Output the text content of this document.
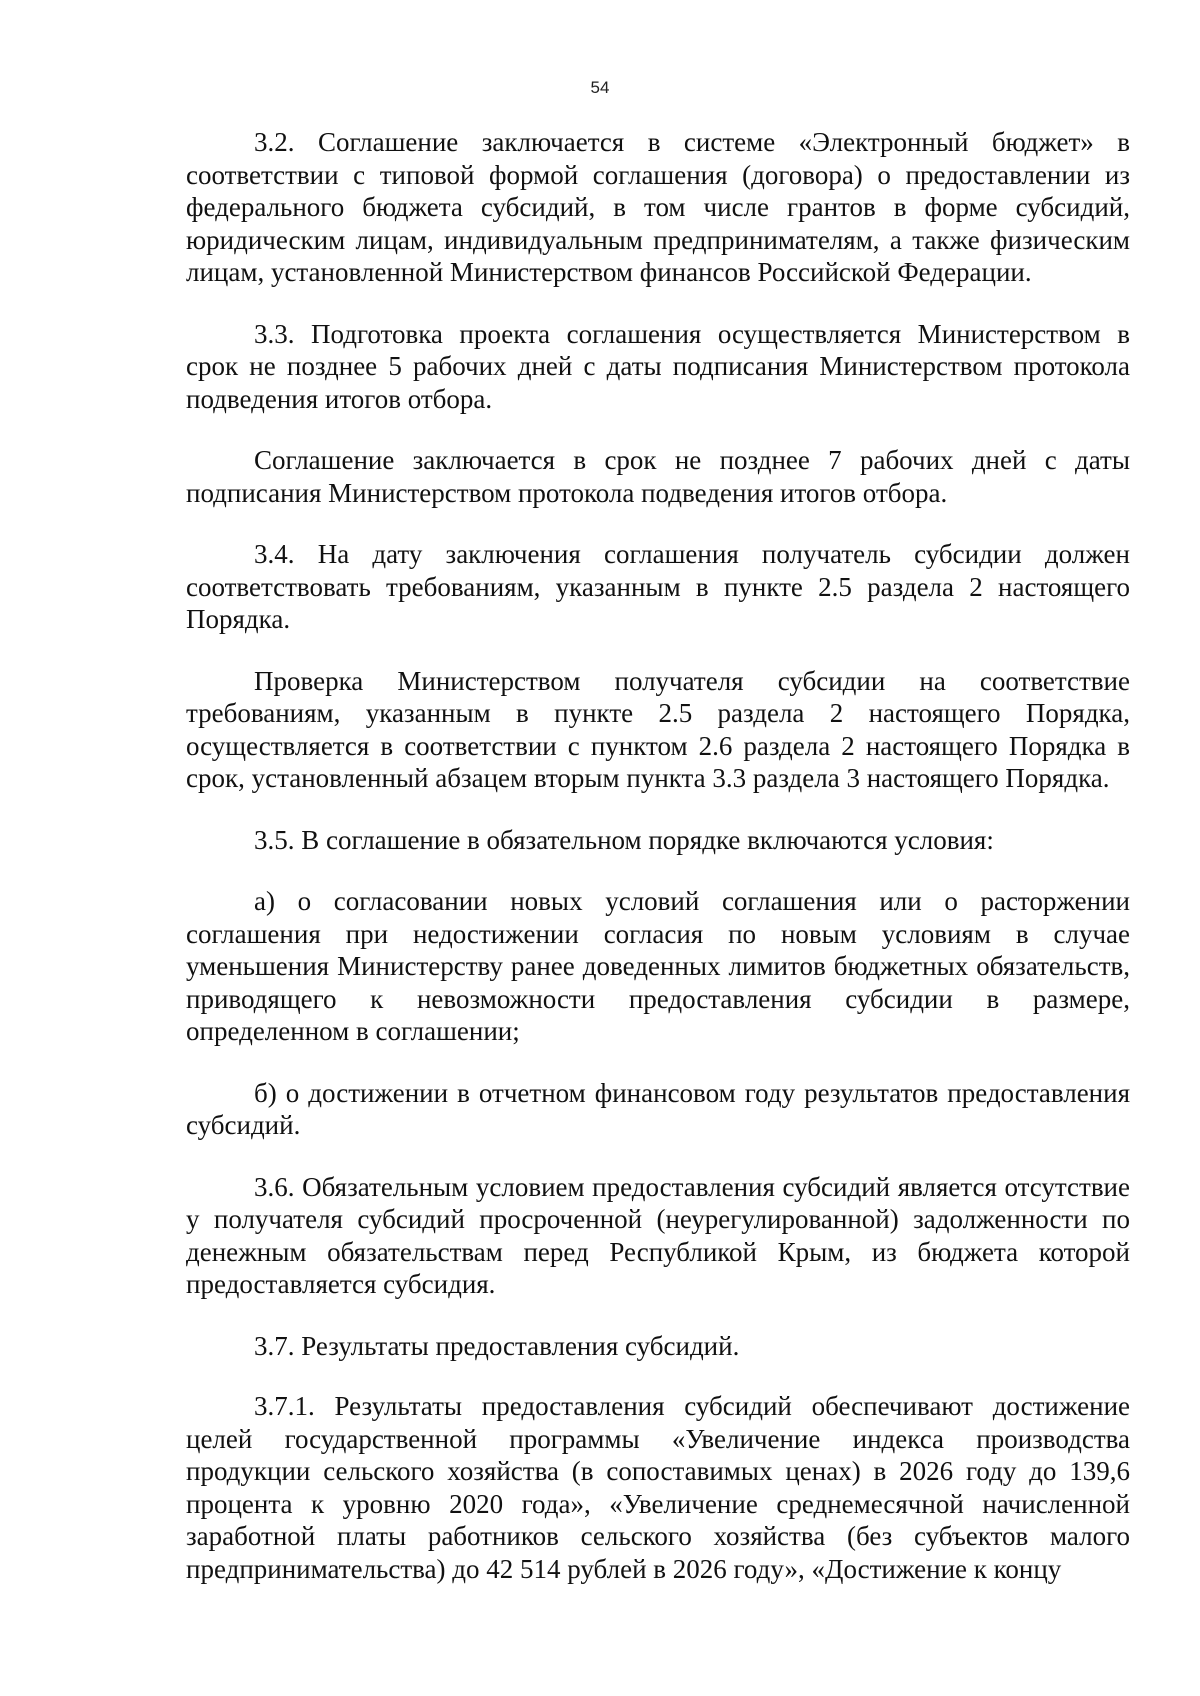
54

3.2. Соглашение заключается в системе «Электронный бюджет» в соответствии с типовой формой соглашения (договора) о предоставлении из федерального бюджета субсидий, в том числе грантов в форме субсидий, юридическим лицам, индивидуальным предпринимателям, а также физическим лицам, установленной Министерством финансов Российской Федерации.

3.3. Подготовка проекта соглашения осуществляется Министерством в срок не позднее 5 рабочих дней с даты подписания Министерством протокола подведения итогов отбора.

Соглашение заключается в срок не позднее 7 рабочих дней с даты подписания Министерством протокола подведения итогов отбора.

3.4. На дату заключения соглашения получатель субсидии должен соответствовать требованиям, указанным в пункте 2.5 раздела 2 настоящего Порядка.

Проверка Министерством получателя субсидии на соответствие требованиям, указанным в пункте 2.5 раздела 2 настоящего Порядка, осуществляется в соответствии с пунктом 2.6 раздела 2 настоящего Порядка в срок, установленный абзацем вторым пункта 3.3 раздела 3 настоящего Порядка.

3.5. В соглашение в обязательном порядке включаются условия:

а) о согласовании новых условий соглашения или о расторжении соглашения при недостижении согласия по новым условиям в случае уменьшения Министерству ранее доведенных лимитов бюджетных обязательств, приводящего к невозможности предоставления субсидии в размере, определенном в соглашении;

б) о достижении в отчетном финансовом году результатов предоставления субсидий.

3.6. Обязательным условием предоставления субсидий является отсутствие у получателя субсидий просроченной (неурегулированной) задолженности по денежным обязательствам перед Республикой Крым, из бюджета которой предоставляется субсидия.

3.7. Результаты предоставления субсидий.

3.7.1. Результаты предоставления субсидий обеспечивают достижение целей государственной программы «Увеличение индекса производства продукции сельского хозяйства (в сопоставимых ценах) в 2026 году до 139,6 процента к уровню 2020 года», «Увеличение среднемесячной начисленной заработной платы работников сельского хозяйства (без субъектов малого предпринимательства) до 42 514 рублей в 2026 году», «Достижение к концу
